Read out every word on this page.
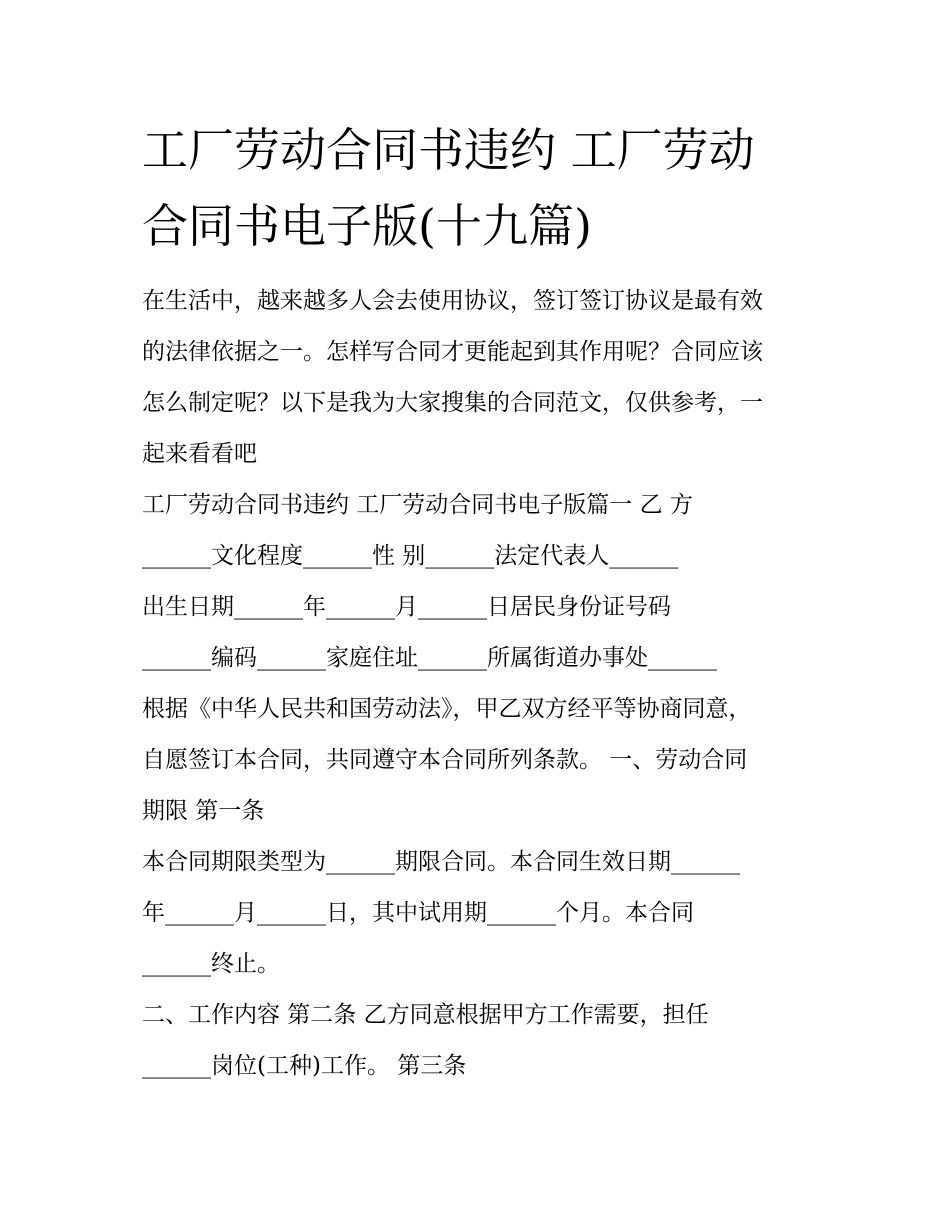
工厂劳动合同书违约 工厂劳动
合同书电子版(十九篇)
在生活中，越来越多人会去使用协议，签订签订协议是最有效
的法律依据之一。怎样写合同才更能起到其作用呢？合同应该
怎么制定呢？以下是我为大家搜集的合同范文，仅供参考，一
起来看看吧
工厂劳动合同书违约 工厂劳动合同书电子版篇一 乙 方
______文化程度______性 别______法定代表人______
出生日期______年______月______日居民身份证号码
______编码______家庭住址______所属街道办事处______
根据《中华人民共和国劳动法》，甲乙双方经平等协商同意，
自愿签订本合同，共同遵守本合同所列条款。 一、劳动合同
期限 第一条
本合同期限类型为______期限合同。本合同生效日期______
年______月______日，其中试用期______个月。本合同
______终止。
二、工作内容 第二条 乙方同意根据甲方工作需要，担任
______岗位(工种)工作。 第三条
